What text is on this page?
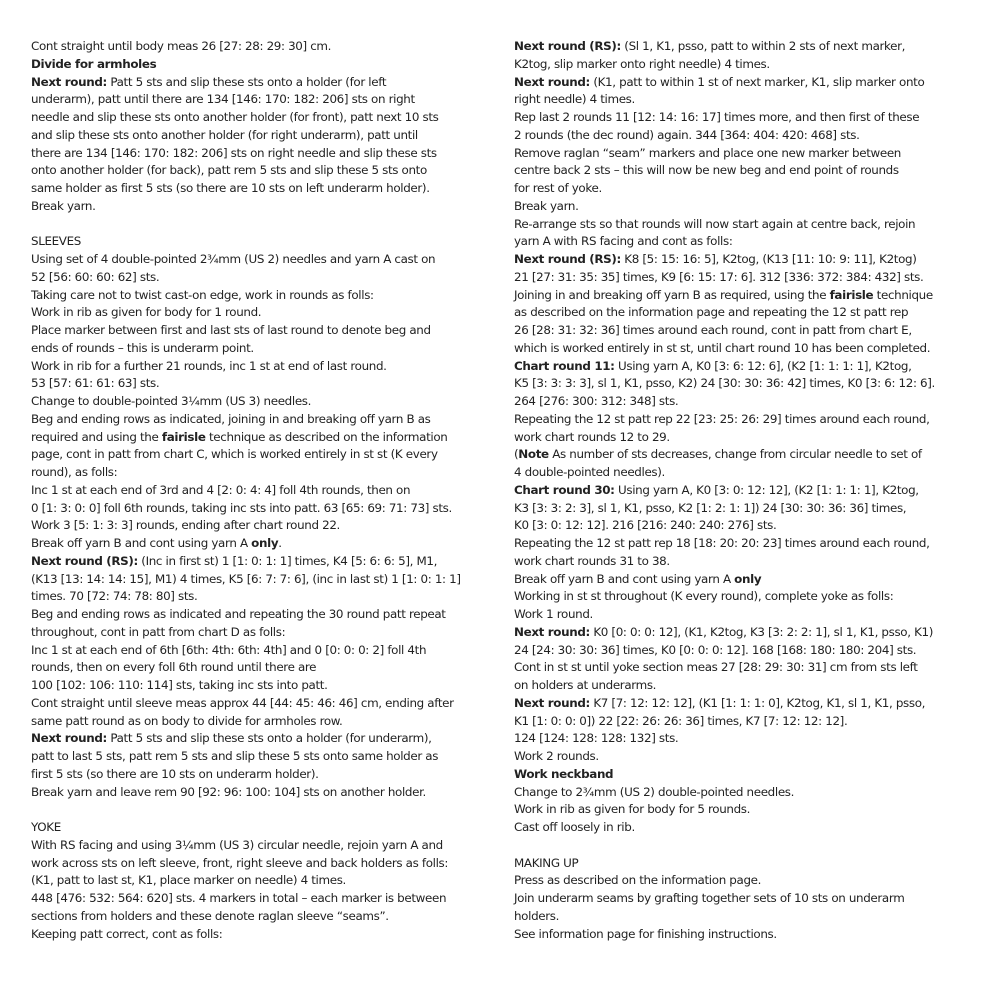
Cont straight until body meas 26 [27: 28: 29: 30] cm.
Divide for armholes
Next round: Patt 5 sts and slip these sts onto a holder (for left
underarm), patt until there are 134 [146: 170: 182: 206] sts on right
needle and slip these sts onto another holder (for front), patt next 10 sts
and slip these sts onto another holder (for right underarm), patt until
there are 134 [146: 170: 182: 206] sts on right needle and slip these sts
onto another holder (for back), patt rem 5 sts and slip these 5 sts onto
same holder as first 5 sts (so there are 10 sts on left underarm holder).
Break yarn.
SLEEVES
Using set of 4 double-pointed 2¾mm (US 2) needles and yarn A cast on
52 [56: 60: 60: 62] sts.
Taking care not to twist cast-on edge, work in rounds as folls:
Work in rib as given for body for 1 round.
Place marker between first and last sts of last round to denote beg and
ends of rounds – this is underarm point.
Work in rib for a further 21 rounds, inc 1 st at end of last round.
53 [57: 61: 61: 63] sts.
Change to double-pointed 3¼mm (US 3) needles.
Beg and ending rows as indicated, joining in and breaking off yarn B as
required and using the fairisle technique as described on the information
page, cont in patt from chart C, which is worked entirely in st st (K every
round), as folls:
Inc 1 st at each end of 3rd and 4 [2: 0: 4: 4] foll 4th rounds, then on
0 [1: 3: 0: 0] foll 6th rounds, taking inc sts into patt. 63 [65: 69: 71: 73] sts.
Work 3 [5: 1: 3: 3] rounds, ending after chart round 22.
Break off yarn B and cont using yarn A only.
Next round (RS): (Inc in first st) 1 [1: 0: 1: 1] times, K4 [5: 6: 6: 5], M1,
(K13 [13: 14: 14: 15], M1) 4 times, K5 [6: 7: 7: 6], (inc in last st) 1 [1: 0: 1: 1]
times. 70 [72: 74: 78: 80] sts.
Beg and ending rows as indicated and repeating the 30 round patt repeat
throughout, cont in patt from chart D as folls:
Inc 1 st at each end of 6th [6th: 4th: 6th: 4th] and 0 [0: 0: 0: 2] foll 4th
rounds, then on every foll 6th round until there are
100 [102: 106: 110: 114] sts, taking inc sts into patt.
Cont straight until sleeve meas approx 44 [44: 45: 46: 46] cm, ending after
same patt round as on body to divide for armholes row.
Next round: Patt 5 sts and slip these sts onto a holder (for underarm),
patt to last 5 sts, patt rem 5 sts and slip these 5 sts onto same holder as
first 5 sts (so there are 10 sts on underarm holder).
Break yarn and leave rem 90 [92: 96: 100: 104] sts on another holder.
YOKE
With RS facing and using 3¼mm (US 3) circular needle, rejoin yarn A and
work across sts on left sleeve, front, right sleeve and back holders as folls:
(K1, patt to last st, K1, place marker on needle) 4 times.
448 [476: 532: 564: 620] sts. 4 markers in total – each marker is between
sections from holders and these denote raglan sleeve “seams”.
Keeping patt correct, cont as folls:
Next round (RS): (Sl 1, K1, psso, patt to within 2 sts of next marker,
K2tog, slip marker onto right needle) 4 times.
Next round: (K1, patt to within 1 st of next marker, K1, slip marker onto
right needle) 4 times.
Rep last 2 rounds 11 [12: 14: 16: 17] times more, and then first of these
2 rounds (the dec round) again. 344 [364: 404: 420: 468] sts.
Remove raglan “seam” markers and place one new marker between
centre back 2 sts – this will now be new beg and end point of rounds
for rest of yoke.
Break yarn.
Re-arrange sts so that rounds will now start again at centre back, rejoin
yarn A with RS facing and cont as folls:
Next round (RS): K8 [5: 15: 16: 5], K2tog, (K13 [11: 10: 9: 11], K2tog)
21 [27: 31: 35: 35] times, K9 [6: 15: 17: 6]. 312 [336: 372: 384: 432] sts.
Joining in and breaking off yarn B as required, using the fairisle technique
as described on the information page and repeating the 12 st patt rep
26 [28: 31: 32: 36] times around each round, cont in patt from chart E,
which is worked entirely in st st, until chart round 10 has been completed.
Chart round 11: Using yarn A, K0 [3: 6: 12: 6], (K2 [1: 1: 1: 1], K2tog,
K5 [3: 3: 3: 3], sl 1, K1, psso, K2) 24 [30: 30: 36: 42] times, K0 [3: 6: 12: 6].
264 [276: 300: 312: 348] sts.
Repeating the 12 st patt rep 22 [23: 25: 26: 29] times around each round,
work chart rounds 12 to 29.
(Note As number of sts decreases, change from circular needle to set of
4 double-pointed needles).
Chart round 30: Using yarn A, K0 [3: 0: 12: 12], (K2 [1: 1: 1: 1], K2tog,
K3 [3: 3: 2: 3], sl 1, K1, psso, K2 [1: 2: 1: 1]) 24 [30: 30: 36: 36] times,
K0 [3: 0: 12: 12]. 216 [216: 240: 240: 276] sts.
Repeating the 12 st patt rep 18 [18: 20: 20: 23] times around each round,
work chart rounds 31 to 38.
Break off yarn B and cont using yarn A only
Working in st st throughout (K every round), complete yoke as folls:
Work 1 round.
Next round: K0 [0: 0: 0: 12], (K1, K2tog, K3 [3: 2: 2: 1], sl 1, K1, psso, K1)
24 [24: 30: 30: 36] times, K0 [0: 0: 0: 12]. 168 [168: 180: 180: 204] sts.
Cont in st st until yoke section meas 27 [28: 29: 30: 31] cm from sts left
on holders at underarms.
Next round: K7 [7: 12: 12: 12], (K1 [1: 1: 1: 0], K2tog, K1, sl 1, K1, psso,
K1 [1: 0: 0: 0]) 22 [22: 26: 26: 36] times, K7 [7: 12: 12: 12].
124 [124: 128: 128: 132] sts.
Work 2 rounds.
Work neckband
Change to 2¾mm (US 2) double-pointed needles.
Work in rib as given for body for 5 rounds.
Cast off loosely in rib.
MAKING UP
Press as described on the information page.
Join underarm seams by grafting together sets of 10 sts on underarm
holders.
See information page for finishing instructions.
